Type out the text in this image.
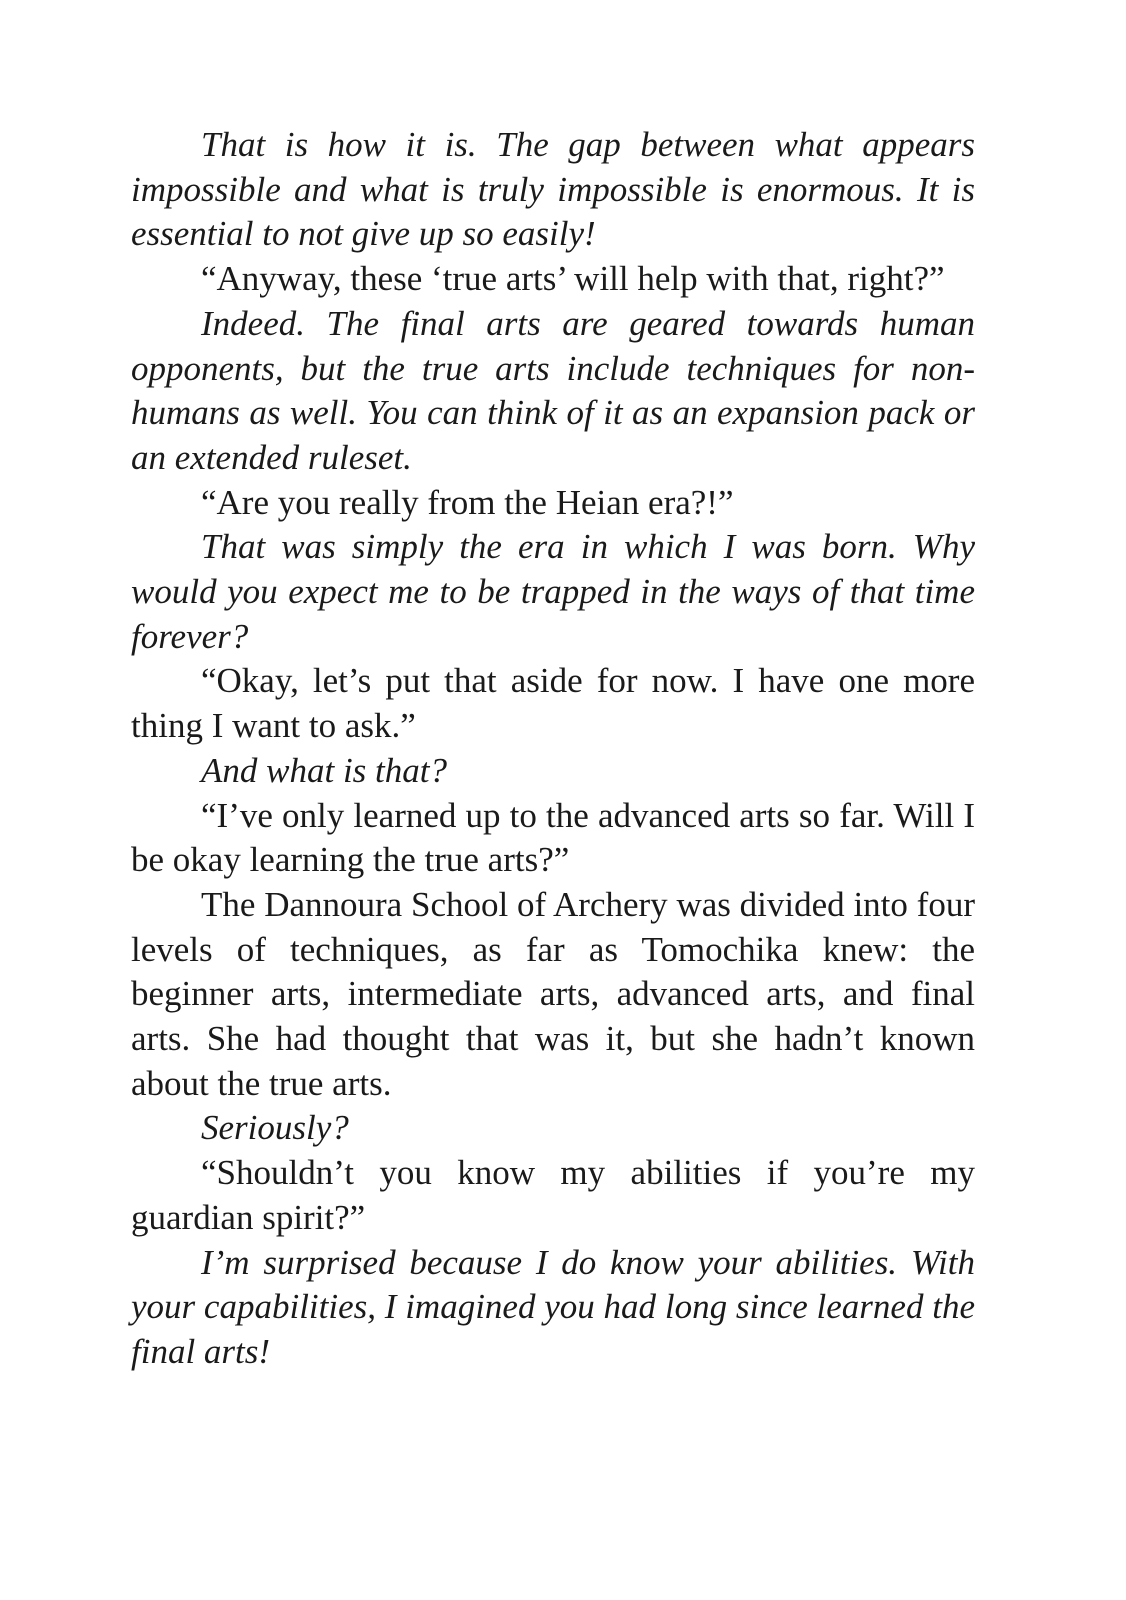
That is how it is. The gap between what appears impossible and what is truly impossible is enormous. It is essential to not give up so easily!

“Anyway, these ‘true arts’ will help with that, right?”

Indeed. The final arts are geared towards human opponents, but the true arts include techniques for non-humans as well. You can think of it as an expansion pack or an extended ruleset.

“Are you really from the Heian era?!”

That was simply the era in which I was born. Why would you expect me to be trapped in the ways of that time forever?

“Okay, let’s put that aside for now. I have one more thing I want to ask.”

And what is that?

“I’ve only learned up to the advanced arts so far. Will I be okay learning the true arts?”

The Dannoura School of Archery was divided into four levels of techniques, as far as Tomochika knew: the beginner arts, intermediate arts, advanced arts, and final arts. She had thought that was it, but she hadn’t known about the true arts.

Seriously?

“Shouldn’t you know my abilities if you’re my guardian spirit?”

I’m surprised because I do know your abilities. With your capabilities, I imagined you had long since learned the final arts!
